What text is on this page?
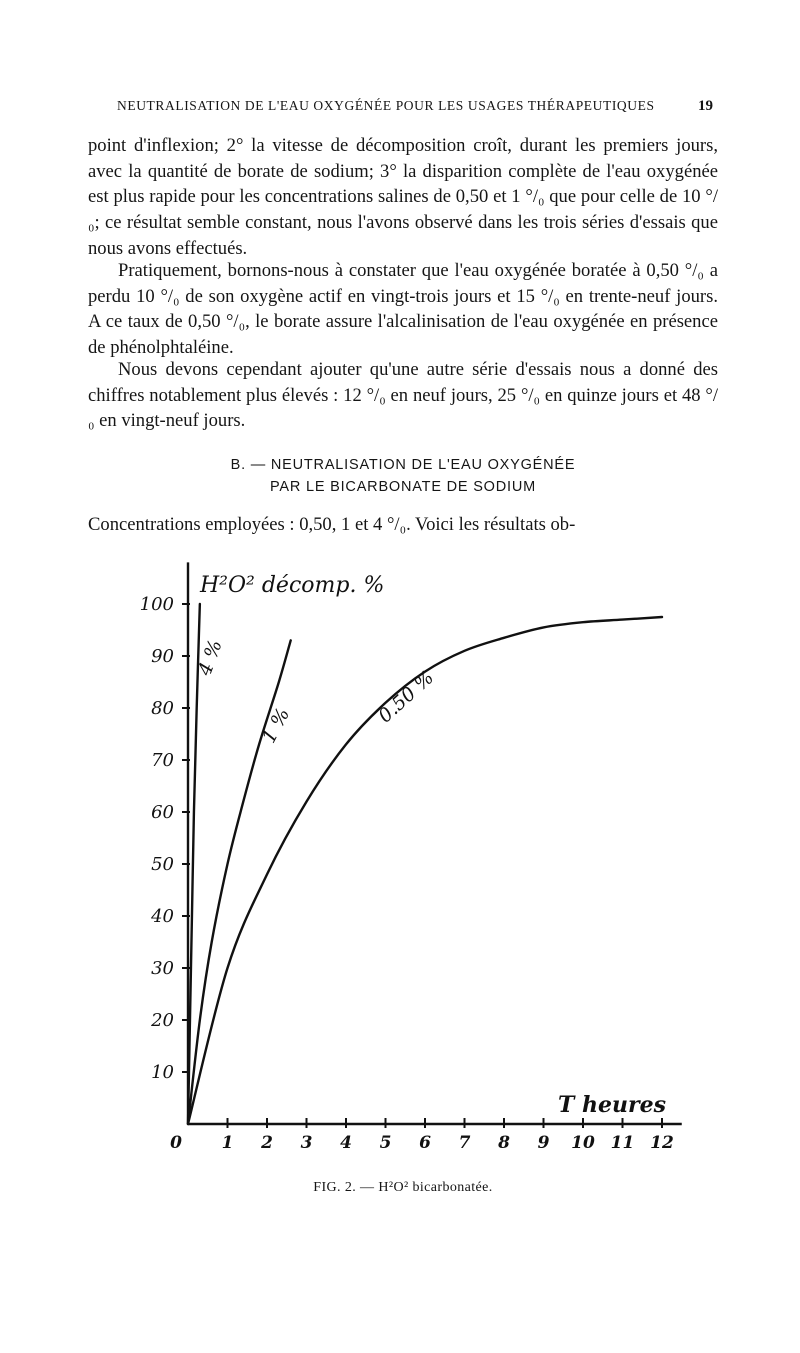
NEUTRALISATION DE L'EAU OXYGÉNÉE POUR LES USAGES THÉRAPEUTIQUES	19

point d'inflexion; 2° la vitesse de décomposition croît, durant les premiers jours, avec la quantité de borate de sodium; 3° la disparition complète de l'eau oxygénée est plus rapide pour les concentrations salines de 0,50 et 1 °/₀ que pour celle de 10 °/₀; ce résultat semble constant, nous l'avons observé dans les trois séries d'essais que nous avons effectués.

Pratiquement, bornons-nous à constater que l'eau oxygénée boratée à 0,50 °/₀ a perdu 10 °/₀ de son oxygène actif en vingt-trois jours et 15 °/₀ en trente-neuf jours. A ce taux de 0,50 °/₀, le borate assure l'alcalinisation de l'eau oxygénée en présence de phénolphtaléine.

Nous devons cependant ajouter qu'une autre série d'essais nous a donné des chiffres notablement plus élevés : 12 °/₀ en neuf jours, 25 °/₀ en quinze jours et 48 °/₀ en vingt-neuf jours.

B. — NEUTRALISATION DE L'EAU OXYGÉNÉE
PAR LE BICARBONATE DE SODIUM

Concentrations employées : 0,50, 1 et 4 °/₀. Voici les résultats ob-

10
20
30
40
50
60
70
80
90
100
0 1 2 3 4 5 6 7 8 9 10 11 12
H²O² décomp. %
T heures
4 %
1 %	0.50 %
FIG. 2. — H²O² bicarbonatée.
